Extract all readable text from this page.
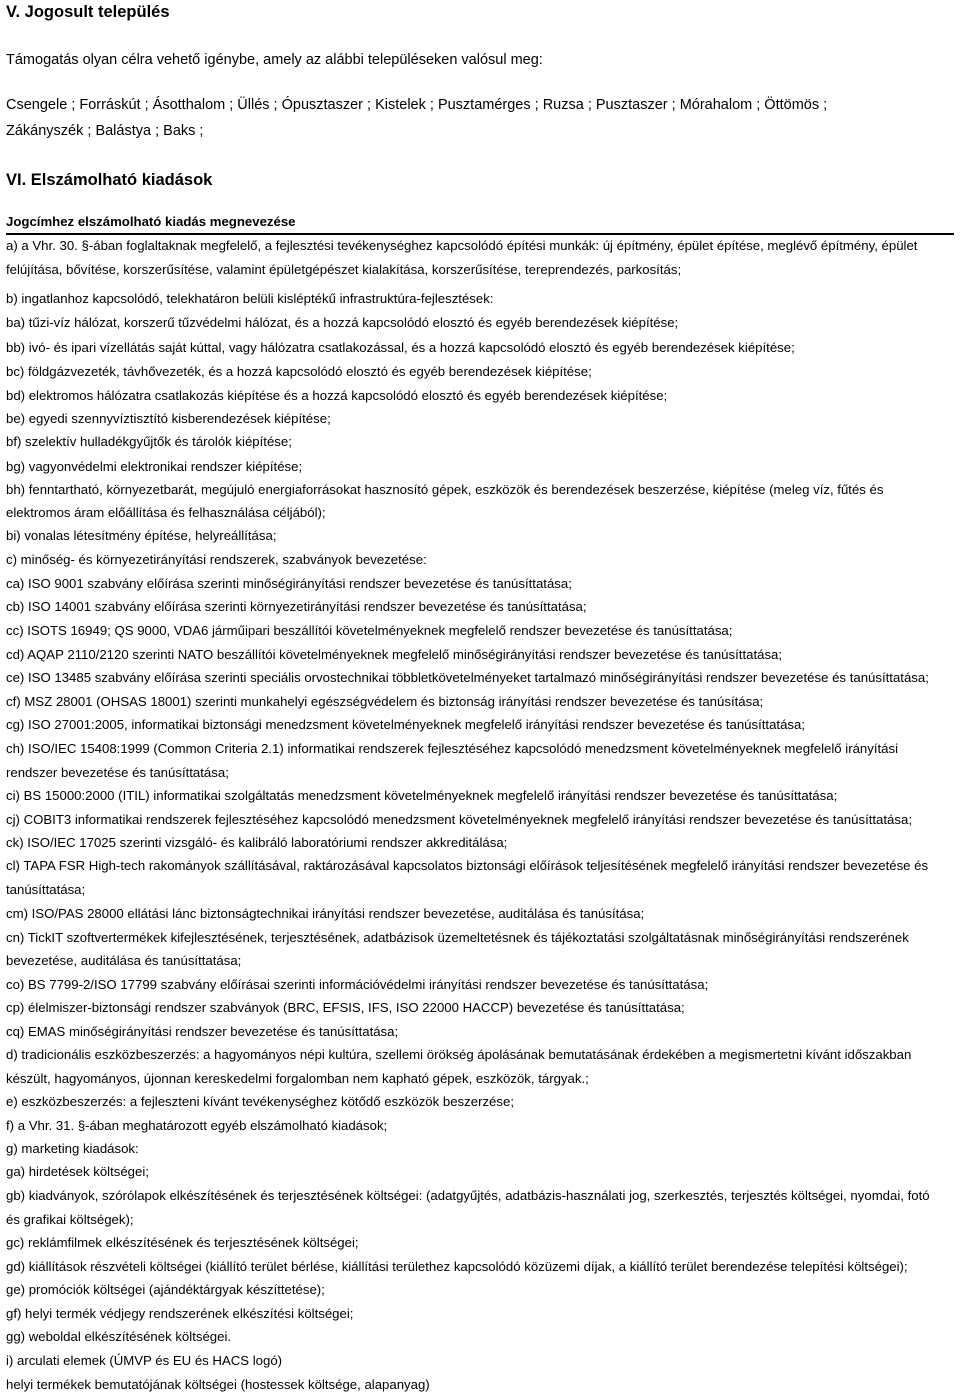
V. Jogosult település
Támogatás olyan célra vehető igénybe, amely az alábbi településeken valósul meg:
Csengele ; Forráskút ; Ásotthalom ; Üllés ; Ópusztaszer ; Kistelek ; Pusztamérges ; Ruzsa ; Pusztaszer ; Mórahalom ; Öttömös ;
Zákányszék ; Balástya ; Baks ;
VI. Elszámolható kiadások
Jogcímhez elszámolható kiadás megnevezése
a) a Vhr. 30. §-ában foglaltaknak megfelelő, a fejlesztési tevékenységhez kapcsolódó építési munkák: új építmény, épület építése, meglévő építmény, épület
felújítása, bővítése, korszerűsítése, valamint épületgépészet kialakítása, korszerűsítése, tereprendezés, parkosítás;
b) ingatlanhoz kapcsolódó, telekhatáron belüli kisléptékű infrastruktúra-fejlesztések:
ba) tűzi-víz hálózat, korszerű tűzvédelmi hálózat, és a hozzá kapcsolódó elosztó és egyéb berendezések kiépítése;
bb) ivó- és ipari vízellátás saját kúttal, vagy hálózatra csatlakozással, és a hozzá kapcsolódó elosztó és egyéb berendezések kiépítése;
bc) földgázvezeték, távhővezeték, és a hozzá kapcsolódó elosztó és egyéb berendezések kiépítése;
bd) elektromos hálózatra csatlakozás kiépítése és a hozzá kapcsolódó elosztó és egyéb berendezések kiépítése;
be) egyedi szennyvíztisztító kisberendezések kiépítése;
bf) szelektív hulladékgyűjtők és tárolók kiépítése;
bg) vagyonvédelmi elektronikai rendszer kiépítése;
bh) fenntartható, környezetbarát, megújuló energiaforrásokat hasznosító gépek, eszközök és berendezések beszerzése, kiépítése (meleg víz, fűtés és
elektromos áram előállítása és felhasználása céljából);
bi) vonalas létesítmény építése, helyreállítása;
c) minőség- és környezetirányítási rendszerek, szabványok bevezetése:
ca) ISO 9001 szabvány előírása szerinti minőségirányítási rendszer bevezetése és tanúsíttatása;
cb) ISO 14001 szabvány előírása szerinti környezetirányítási rendszer bevezetése és tanúsíttatása;
cc) ISOTS 16949; QS 9000, VDA6 járműipari beszállítói követelményeknek megfelelő rendszer bevezetése és tanúsíttatása;
cd) AQAP 2110/2120 szerinti NATO beszállítói követelményeknek megfelelő minőségirányítási rendszer bevezetése és tanúsíttatása;
ce) ISO 13485 szabvány előírása szerinti speciális orvostechnikai többletkövetelményeket tartalmazó minőségirányítási rendszer bevezetése és tanúsíttatása;
cf) MSZ 28001 (OHSAS 18001) szerinti munkahelyi egészségvédelem és biztonság irányítási rendszer bevezetése és tanúsítása;
cg) ISO 27001:2005, informatikai biztonsági menedzsment követelményeknek megfelelő irányítási rendszer bevezetése és tanúsíttatása;
ch) ISO/IEC 15408:1999 (Common Criteria 2.1) informatikai rendszerek fejlesztéséhez kapcsolódó menedzsment követelményeknek megfelelő irányítási
rendszer bevezetése és tanúsíttatása;
ci) BS 15000:2000 (ITIL) informatikai szolgáltatás menedzsment követelményeknek megfelelő irányítási rendszer bevezetése és tanúsíttatása;
cj) COBIT3 informatikai rendszerek fejlesztéséhez kapcsolódó menedzsment követelményeknek megfelelő irányítási rendszer bevezetése és tanúsíttatása;
ck) ISO/IEC 17025 szerinti vizsgáló- és kalibráló laboratóriumi rendszer akkreditálása;
cl) TAPA FSR High-tech rakományok szállításával, raktározásával kapcsolatos biztonsági előírások teljesítésének megfelelő irányítási rendszer bevezetése és
tanúsíttatása;
cm) ISO/PAS 28000 ellátási lánc biztonságtechnikai irányítási rendszer bevezetése, auditálása és tanúsítása;
cn) TickIT szoftvertermékek kifejlesztésének, terjesztésének, adatbázisok üzemeltetésnek és tájékoztatási szolgáltatásnak minőségirányítási rendszerének
bevezetése, auditálása és tanúsíttatása;
co) BS 7799-2/ISO 17799 szabvány előírásai szerinti információvédelmi irányítási rendszer bevezetése és tanúsíttatása;
cp) élelmiszer-biztonsági rendszer szabványok (BRC, EFSIS, IFS, ISO 22000 HACCP) bevezetése és tanúsíttatása;
cq) EMAS minőségirányítási rendszer bevezetése és tanúsíttatása;
d) tradicionális eszközbeszerzés: a hagyományos népi kultúra, szellemi örökség ápolásának bemutatásának érdekében a megismertetni kívánt időszakban
készült, hagyományos, újonnan kereskedelmi forgalomban nem kapható gépek, eszközök, tárgyak.;
e) eszközbeszerzés: a fejleszteni kívánt tevékenységhez kötődő eszközök beszerzése;
f) a Vhr. 31. §-ában meghatározott egyéb elszámolható kiadások;
g) marketing kiadások:
ga) hirdetések költségei;
gb) kiadványok, szórólapok elkészítésének és terjesztésének költségei: (adatgyűjtés, adatbázis-használati jog, szerkesztés, terjesztés költségei, nyomdai, fotó
és grafikai költségek);
gc) reklámfilmek elkészítésének és terjesztésének költségei;
gd) kiállítások részvételi költségei (kiállító terület bérlése, kiállítási területhez kapcsolódó közüzemi díjak, a kiállító terület berendezése telepítési költségei);
ge) promóciók költségei (ajándéktárgyak készíttetése);
gf) helyi termék védjegy rendszerének elkészítési költségei;
gg) weboldal elkészítésének költségei.
i) arculati elemek (ÚMVP és EU és HACS logó)
helyi termékek bemutatójának költségei (hostessek költsége, alapanyag)
